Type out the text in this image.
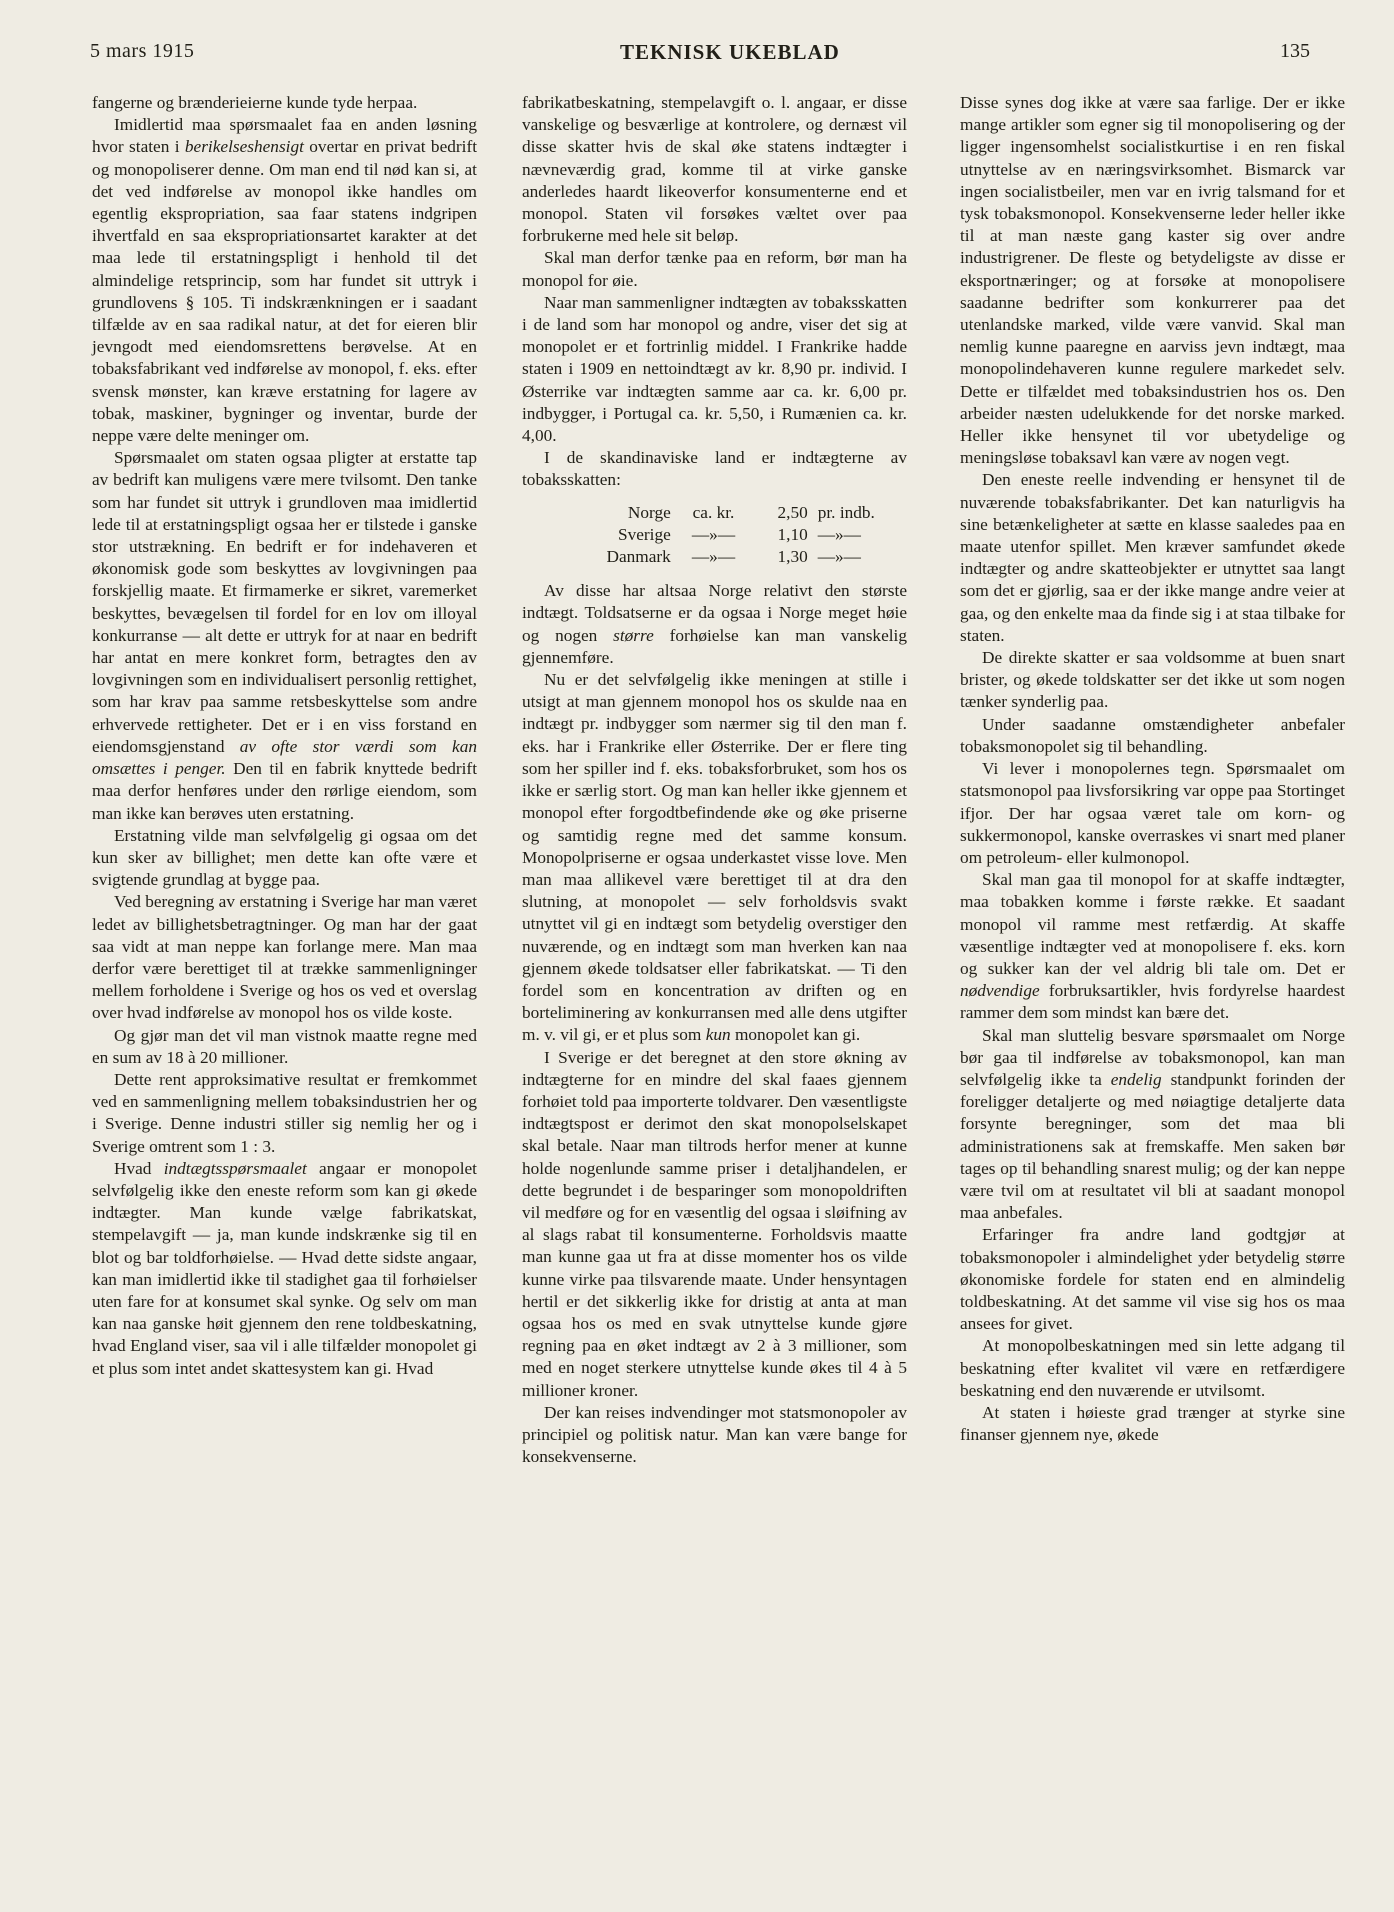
5 mars 1915	TEKNISK UKEBLAD	135

fangerne og brænderieierne kunde tyde herpaa.

Imidlertid maa spørsmaalet faa en anden løsning hvor staten i berikelseshensigt overtar en privat bedrift og monopoliserer denne. Om man end til nød kan si, at det ved indførelse av monopol ikke handles om egentlig ekspropriation, saa faar statens indgripen ihvertfald en saa ekspropriationsartet karakter at det maa lede til erstatningspligt i henhold til det almindelige retsprincip, som har fundet sit uttryk i grundlovens § 105. Ti indskrænkningen er i saadant tilfælde av en saa radikal natur, at det for eieren blir jevngodt med eiendomsrettens berøvelse. At en tobaksfabrikant ved indførelse av monopol, f. eks. efter svensk mønster, kan kræve erstatning for lagere av tobak, maskiner, bygninger og inventar, burde der neppe være delte meninger om.

Spørsmaalet om staten ogsaa pligter at erstatte tap av bedrift kan muligens være mere tvilsomt. Den tanke som har fundet sit uttryk i grundloven maa imidlertid lede til at erstatningspligt ogsaa her er tilstede i ganske stor utstrækning. En bedrift er for indehaveren et økonomisk gode som beskyttes av lovgivningen paa forskjellig maate. Et firmamerke er sikret, varemerket beskyttes, bevægelsen til fordel for en lov om illoyal konkurranse — alt dette er uttryk for at naar en bedrift har antat en mere konkret form, betragtes den av lovgivningen som en individualisert personlig rettighet, som har krav paa samme retsbeskyttelse som andre erhvervede rettigheter. Det er i en viss forstand en eiendomsgjenstand av ofte stor værdi som kan omsættes i penger. Den til en fabrik knyttede bedrift maa derfor henføres under den rørlige eiendom, som man ikke kan berøves uten erstatning.

Erstatning vilde man selvfølgelig gi ogsaa om det kun sker av billighet; men dette kan ofte være et svigtende grundlag at bygge paa.

Ved beregning av erstatning i Sverige har man været ledet av billighetsbetragtninger. Og man har der gaat saa vidt at man neppe kan forlange mere. Man maa derfor være berettiget til at trække sammenligninger mellem forholdene i Sverige og hos os ved et overslag over hvad indførelse av monopol hos os vilde koste.

Og gjør man det vil man vistnok maatte regne med en sum av 18 à 20 millioner.

Dette rent approksimative resultat er fremkommet ved en sammenligning mellem tobaksindustrien her og i Sverige. Denne industri stiller sig nemlig her og i Sverige omtrent som 1 : 3.

Hvad indtægtsspørsmaalet angaar er monopolet selvfølgelig ikke den eneste reform som kan gi økede indtægter. Man kunde vælge fabrikatskat, stempelavgift — ja, man kunde indskrænke sig til en blot og bar toldforhøielse. — Hvad dette sidste angaar, kan man imidlertid ikke til stadighet gaa til forhøielser uten fare for at konsumet skal synke. Og selv om man kan naa ganske høit gjennem den rene toldbeskatning, hvad England viser, saa vil i alle tilfælder monopolet gi et plus som intet andet skattesystem kan gi. Hvad

fabrikatbeskatning, stempelavgift o. l. angaar, er disse vanskelige og besværlige at kontrolere, og dernæst vil disse skatter hvis de skal øke statens indtægter i nævneværdig grad, komme til at virke ganske anderledes haardt likeoverfor konsumenterne end et monopol. Staten vil forsøkes væltet over paa forbrukerne med hele sit beløp.

Skal man derfor tænke paa en reform, bør man ha monopol for øie.

Naar man sammenligner indtægten av tobaksskatten i de land som har monopol og andre, viser det sig at monopolet er et fortrinlig middel. I Frankrike hadde staten i 1909 en nettoindtægt av kr. 8,90 pr. individ. I Østerrike var indtægten samme aar ca. kr. 6,00 pr. indbygger, i Portugal ca. kr. 5,50, i Rumænien ca. kr. 4,00.

I de skandinaviske land er indtægterne av tobaksskatten:

Norge	ca. kr.	2,50 pr. indb.
Sverige	—»—	1,10 —»—
Danmark	—»—	1,30 —»—

Av disse har altsaa Norge relativt den største indtægt. Toldsatserne er da ogsaa i Norge meget høie og nogen større forhøielse kan man vanskelig gjennemføre.

Nu er det selvfølgelig ikke meningen at stille i utsigt at man gjennem monopol hos os skulde naa en indtægt pr. indbygger som nærmer sig til den man f. eks. har i Frankrike eller Østerrike. Der er flere ting som her spiller ind f. eks. tobaksforbruket, som hos os ikke er særlig stort. Og man kan heller ikke gjennem et monopol efter forgodtbefindende øke og øke priserne og samtidig regne med det samme konsum. Monopolpriserne er ogsaa underkastet visse love. Men man maa allikevel være berettiget til at dra den slutning, at monopolet — selv forholdsvis svakt utnyttet vil gi en indtægt som betydelig overstiger den nuværende, og en indtægt som man hverken kan naa gjennem økede toldsatser eller fabrikatskat. — Ti den fordel som en koncentration av driften og en borteliminering av konkurransen med alle dens utgifter m. v. vil gi, er et plus som kun monopolet kan gi.

I Sverige er det beregnet at den store økning av indtægterne for en mindre del skal faaes gjennem forhøiet told paa importerte toldvarer. Den væsentligste indtægtspost er derimot den skat monopolselskapet skal betale. Naar man tiltrods herfor mener at kunne holde nogenlunde samme priser i detaljhandelen, er dette begrundet i de besparinger som monopoldriften vil medføre og for en væsentlig del ogsaa i sløifning av al slags rabat til konsumenterne. Forholdsvis maatte man kunne gaa ut fra at disse momenter hos os vilde kunne virke paa tilsvarende maate. Under hensyntagen hertil er det sikkerlig ikke for dristig at anta at man ogsaa hos os med en svak utnyttelse kunde gjøre regning paa en øket indtægt av 2 à 3 millioner, som med en noget sterkere utnyttelse kunde økes til 4 à 5 millioner kroner.

Der kan reises indvendinger mot statsmonopoler av principiel og politisk natur. Man kan være bange for konsekvenserne.

Disse synes dog ikke at være saa farlige. Der er ikke mange artikler som egner sig til monopolisering og der ligger ingensomhelst socialistkurtise i en ren fiskal utnyttelse av en næringsvirksomhet. Bismarck var ingen socialistbeiler, men var en ivrig talsmand for et tysk tobaksmonopol. Konsekvenserne leder heller ikke til at man næste gang kaster sig over andre industrigrener. De fleste og betydeligste av disse er eksportnæringer; og at forsøke at monopolisere saadanne bedrifter som konkurrerer paa det utenlandske marked, vilde være vanvid. Skal man nemlig kunne paaregne en aarviss jevn indtægt, maa monopolindehaveren kunne regulere markedet selv. Dette er tilfældet med tobaksindustrien hos os. Den arbeider næsten udelukkende for det norske marked. Heller ikke hensynet til vor ubetydelige og meningsløse tobaksavl kan være av nogen vegt.

Den eneste reelle indvending er hensynet til de nuværende tobaksfabrikanter. Det kan naturligvis ha sine betænkeligheter at sætte en klasse saaledes paa en maate utenfor spillet. Men kræver samfundet økede indtægter og andre skatteobjekter er utnyttet saa langt som det er gjørlig, saa er der ikke mange andre veier at gaa, og den enkelte maa da finde sig i at staa tilbake for staten.

De direkte skatter er saa voldsomme at buen snart brister, og økede toldskatter ser det ikke ut som nogen tænker synderlig paa.

Under saadanne omstændigheter anbefaler tobaksmonopolet sig til behandling.

Vi lever i monopolernes tegn. Spørsmaalet om statsmonopol paa livsforsikring var oppe paa Stortinget ifjor. Der har ogsaa været tale om korn- og sukkermonopol, kanske overraskes vi snart med planer om petroleum- eller kulmonopol.

Skal man gaa til monopol for at skaffe indtægter, maa tobakken komme i første række. Et saadant monopol vil ramme mest retfærdig. At skaffe væsentlige indtægter ved at monopolisere f. eks. korn og sukker kan der vel aldrig bli tale om. Det er nødvendige forbruksartikler, hvis fordyrelse haardest rammer dem som mindst kan bære det.

Skal man sluttelig besvare spørsmaalet om Norge bør gaa til indførelse av tobaksmonopol, kan man selvfølgelig ikke ta endelig standpunkt forinden der foreligger detaljerte og med nøiagtige detaljerte data forsynte beregninger, som det maa bli administrationens sak at fremskaffe. Men saken bør tages op til behandling snarest mulig; og der kan neppe være tvil om at resultatet vil bli at saadant monopol maa anbefales.

Erfaringer fra andre land godtgjør at tobaksmonopoler i almindelighet yder betydelig større økonomiske fordele for staten end en almindelig toldbeskatning. At det samme vil vise sig hos os maa ansees for givet.

At monopolbeskatningen med sin lette adgang til beskatning efter kvalitet vil være en retfærdigere beskatning end den nuværende er utvilsomt.

At staten i høieste grad trænger at styrke sine finanser gjennem nye, økede
